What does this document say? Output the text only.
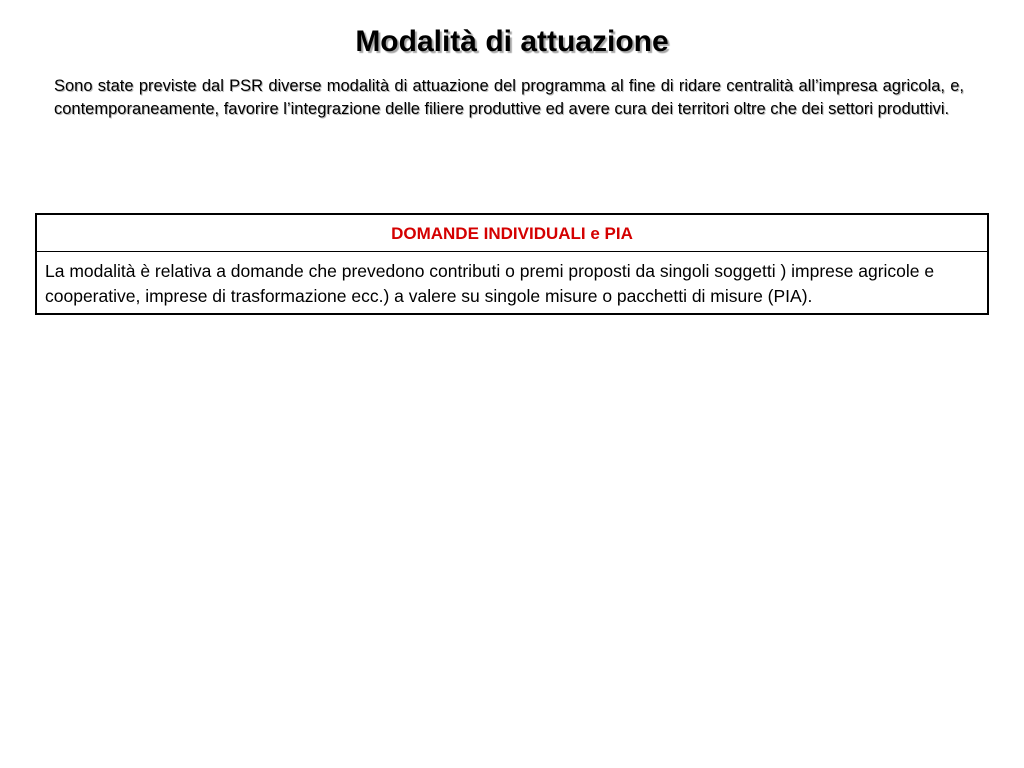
Modalità di attuazione

Sono state previste dal PSR diverse modalità di attuazione del programma al fine di ridare centralità all’impresa agricola, e, contemporaneamente, favorire l’integrazione delle filiere produttive ed avere cura dei territori oltre che dei settori produttivi.

DOMANDE INDIVIDUALI e PIA
La modalità è relativa a domande che prevedono contributi o premi proposti da singoli soggetti ) imprese agricole e cooperative, imprese di trasformazione ecc.) a valere su singole misure o pacchetti di misure (PIA).
